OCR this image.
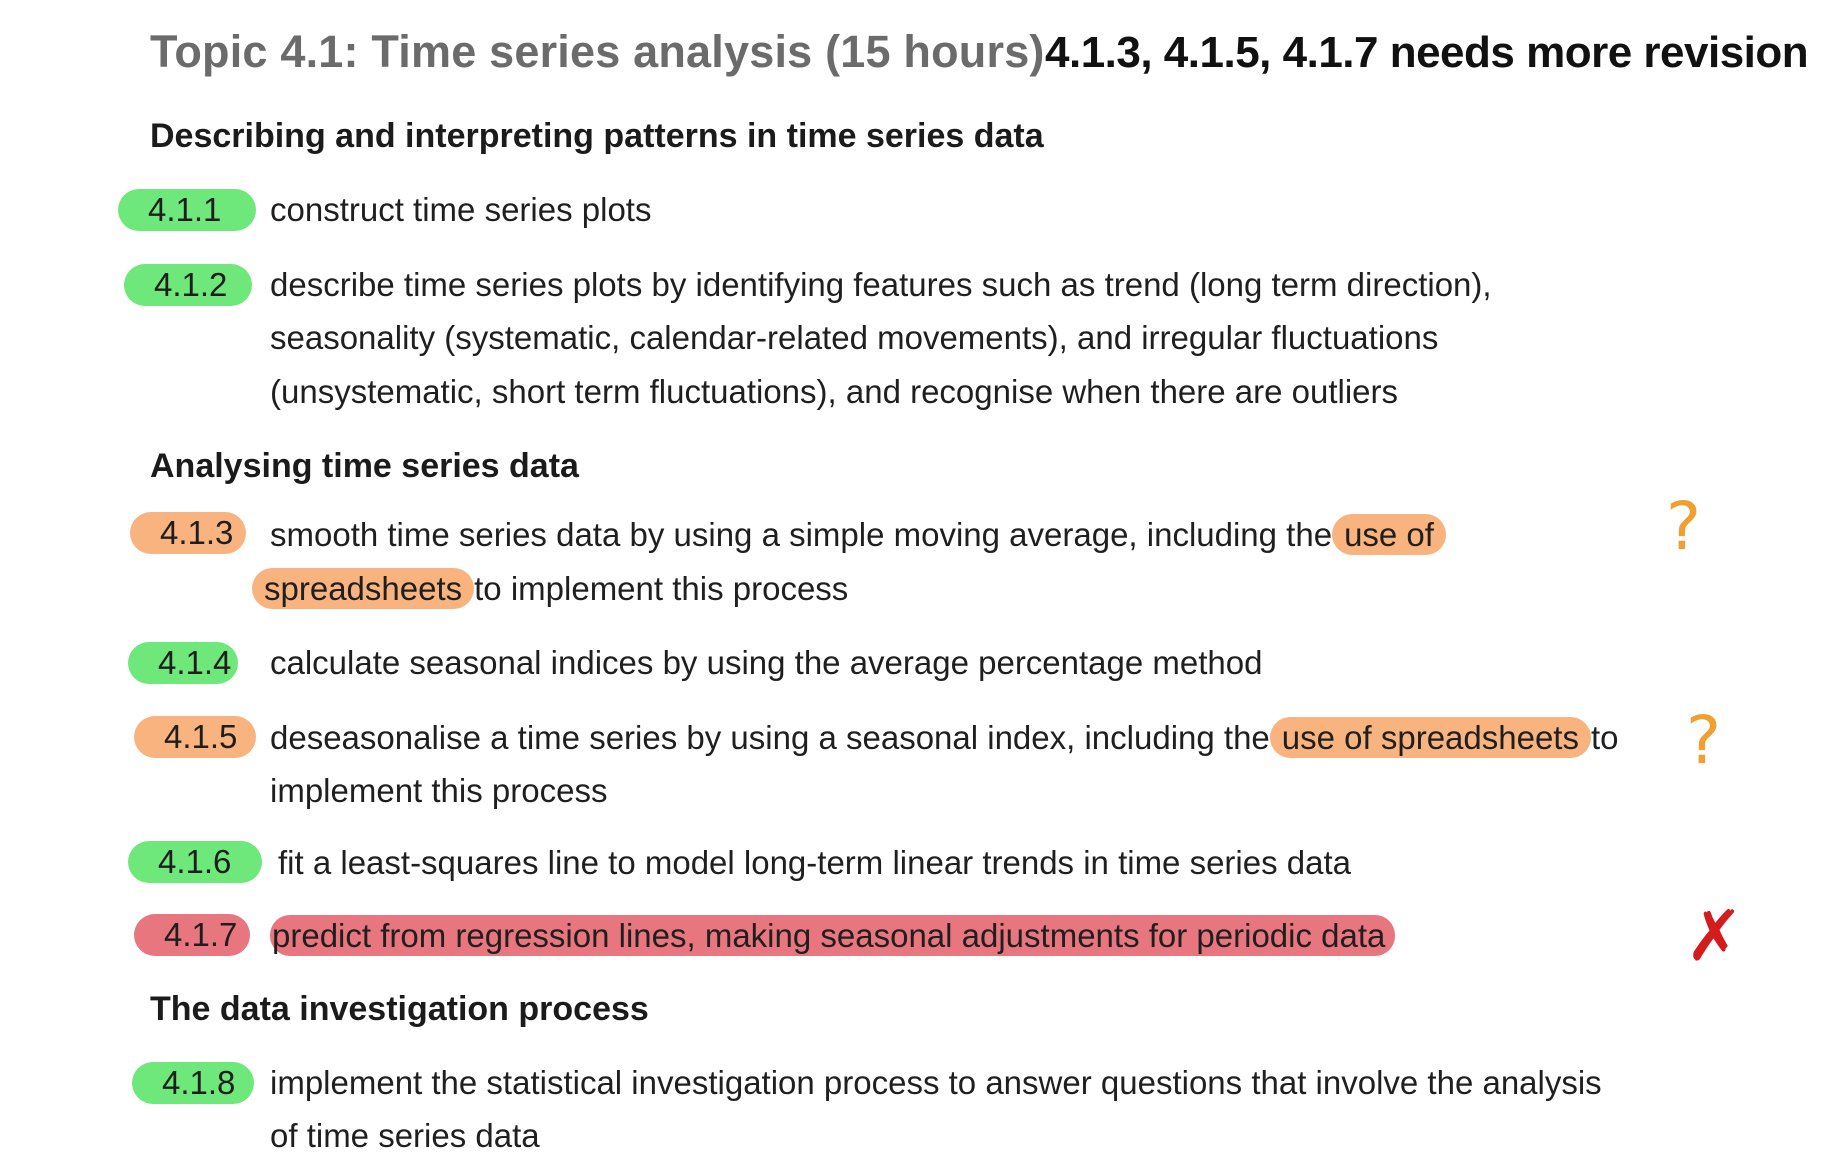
Topic 4.1: Time series analysis (15 hours) 4.1.3, 4.1.5, 4.1.7 needs more revision
Describing and interpreting patterns in time series data
4.1.1	construct time series plots
4.1.2	describe time series plots by identifying features such as trend (long term direction),
seasonality (systematic, calendar-related movements), and irregular fluctuations
(unsystematic, short term fluctuations), and recognise when there are outliers
Analysing time series data
4.1.3	smooth time series data by using a simple moving average, including the use of
spreadsheets to implement this process
?
4.1.4 calculate seasonal indices by using the average percentage method
4.1.5 deseasonalise a time series by using a seasonal index, including the use of spreadsheets to
implement this process
?
4.1.6	fit a least-squares line to model long-term linear trends in time series data
4.1.7	predict from regression lines, making seasonal adjustments for periodic data	✗
The data investigation process
4.1.8	implement the statistical investigation process to answer questions that involve the analysis
of time series data
